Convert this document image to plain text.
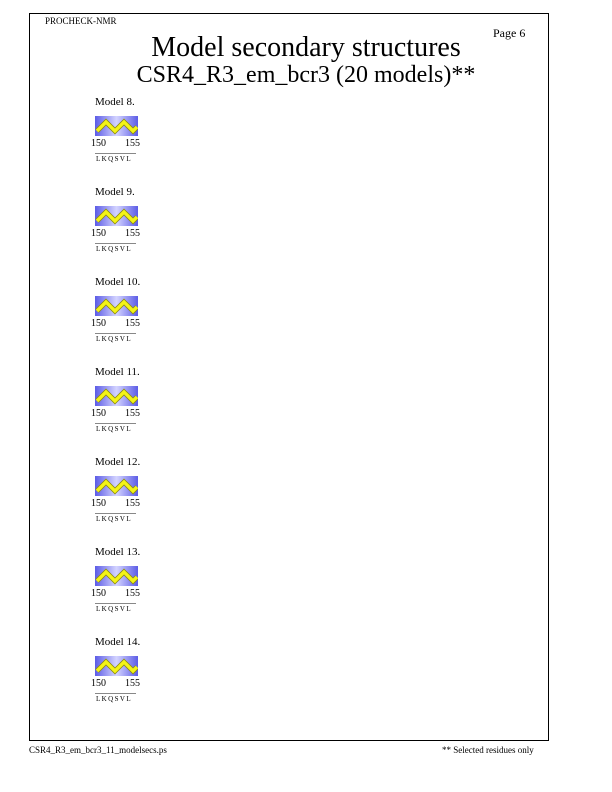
PROCHECK-NMR
Page 6
Model secondary structures
CSR4_R3_em_bcr3 (20 models)**
Model 8.
150 155
LKQSVL
Model 9.
150 155
LKQSVL
Model 10.
150 155
LKQSVL
Model 11.
150 155
LKQSVL
Model 12.
150 155
LKQSVL
Model 13.
150 155
LKQSVL
Model 14.
150 155
LKQSVL
CSR4_R3_em_bcr3_11_modelsecs.ps	** Selected residues only
